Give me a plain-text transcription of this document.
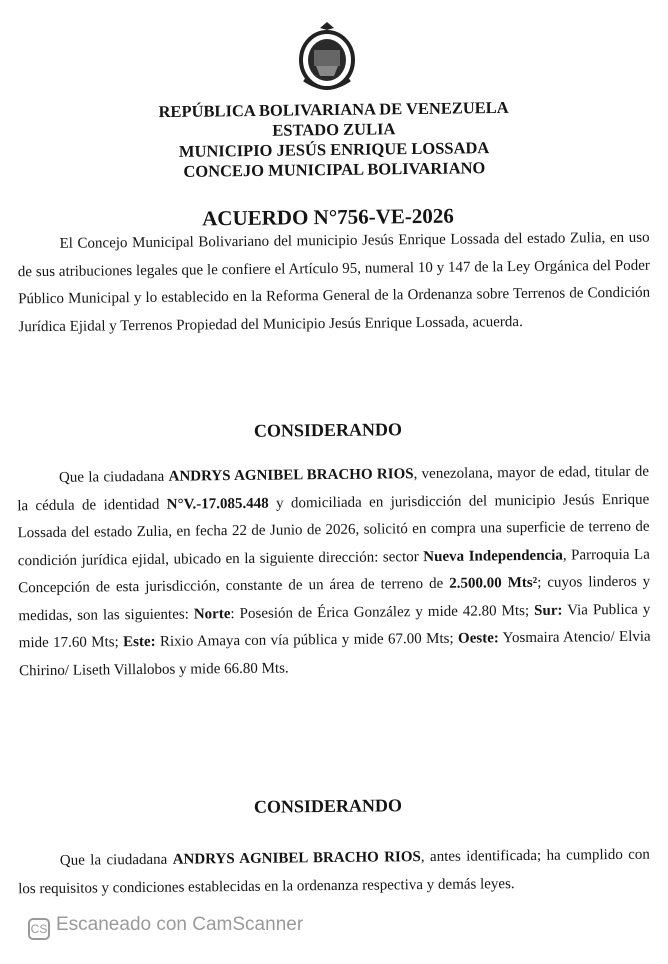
REPÚBLICA BOLIVARIANA DE VENEZUELA
ESTADO ZULIA
MUNICIPIO JESÚS ENRIQUE LOSSADA
CONCEJO MUNICIPAL BOLIVARIANO
ACUERDO N°756-VE-2026
El Concejo Municipal Bolivariano del municipio Jesús Enrique Lossada del estado Zulia, en uso de sus atribuciones legales que le confiere el Artículo 95, numeral 10 y 147 de la Ley Orgánica del Poder Público Municipal y lo establecido en la Reforma General de la Ordenanza sobre Terrenos de Condición Jurídica Ejidal y Terrenos Propiedad del Municipio Jesús Enrique Lossada, acuerda.
CONSIDERANDO
Que la ciudadana ANDRYS AGNIBEL BRACHO RIOS, venezolana, mayor de edad, titular de la cédula de identidad N°V.-17.085.448 y domiciliada en jurisdicción del municipio Jesús Enrique Lossada del estado Zulia, en fecha 22 de Junio de 2026, solicitó en compra una superficie de terreno de condición jurídica ejidal, ubicado en la siguiente dirección: sector Nueva Independencia, Parroquia La Concepción de esta jurisdicción, constante de un área de terreno de 2.500.00 Mts²; cuyos linderos y medidas, son las siguientes: Norte: Posesión de Érica González y mide 42.80 Mts; Sur: Via Publica y mide 17.60 Mts; Este: Rixio Amaya con vía pública y mide 67.00 Mts; Oeste: Yosmaira Atencio/ Elvia Chirino/ Liseth Villalobos y mide 66.80 Mts.
CONSIDERANDO
Que la ciudadana ANDRYS AGNIBEL BRACHO RIOS, antes identificada; ha cumplido con los requisitos y condiciones establecidas en la ordenanza respectiva y demás leyes.
CS Escaneado con CamScanner
